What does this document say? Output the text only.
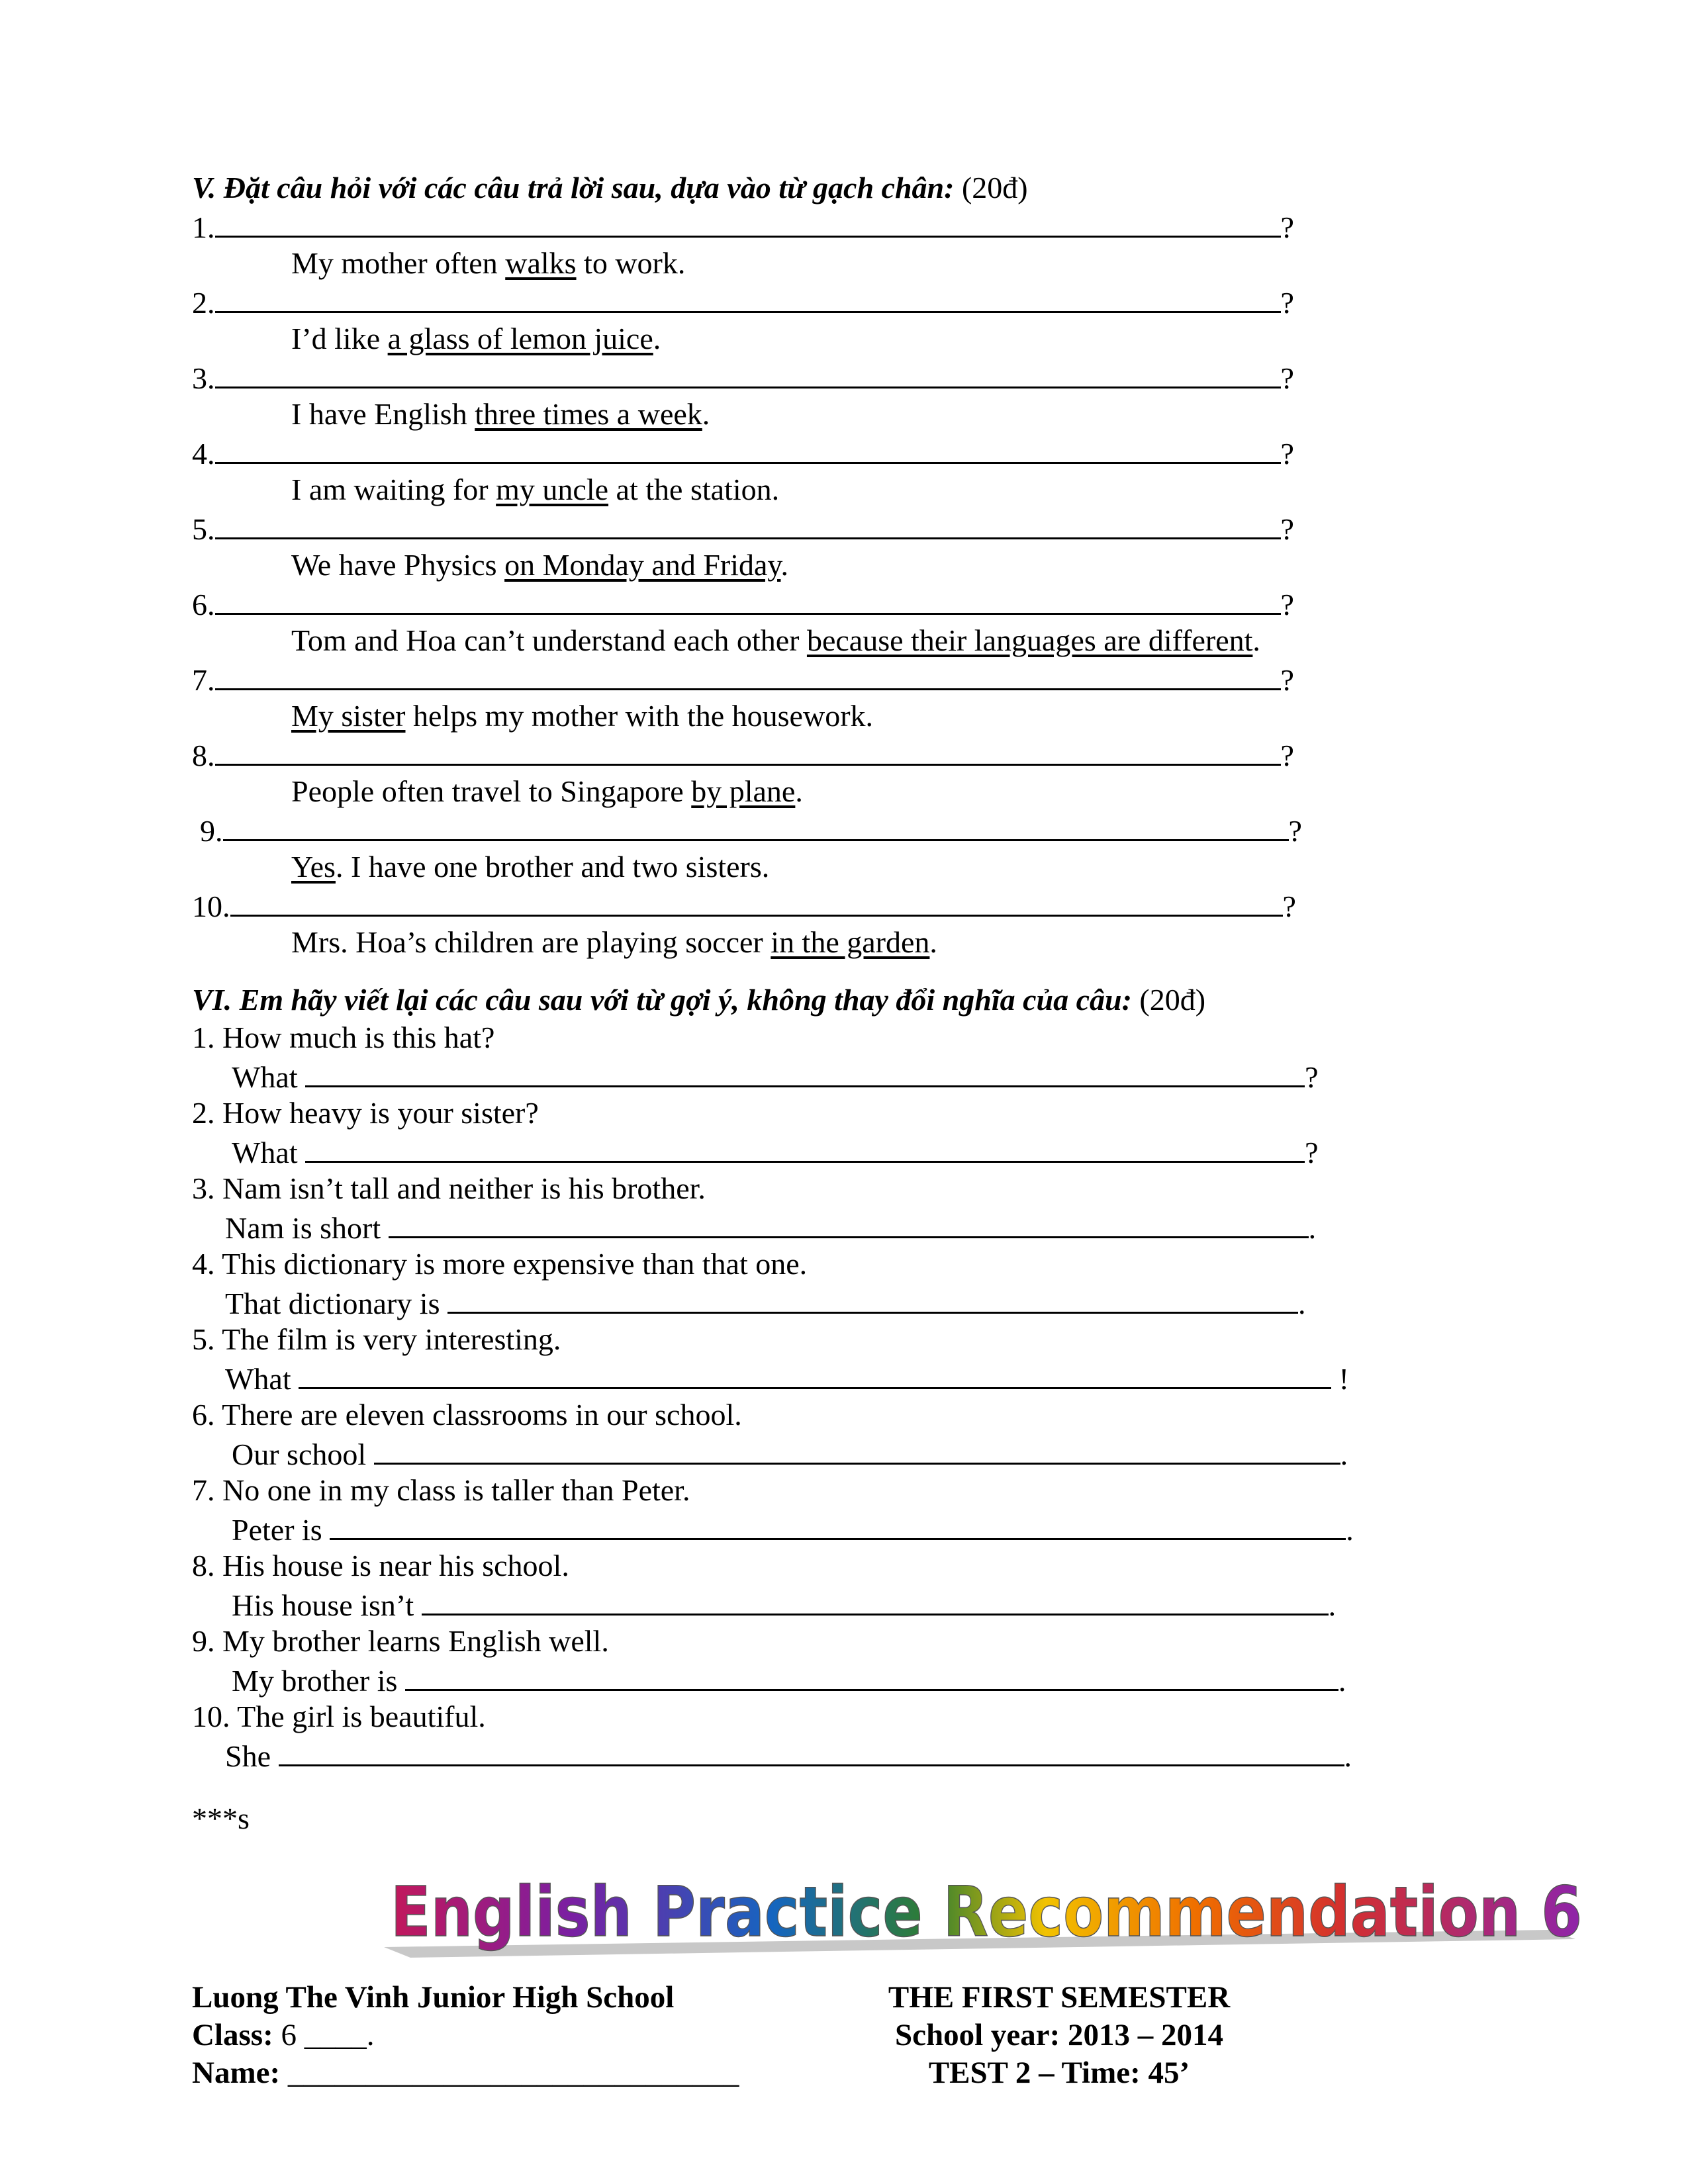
V. Đặt câu hỏi với các câu trả lời sau, dựa vào từ gạch chân: (20đ)
1.	?
My mother often walks to work.
2.	?
I’d like a glass of lemon juice.
3.	?
I have English three times a week.
4.	?
I am waiting for my uncle at the station.
5.	?
We have Physics on Monday and Friday.
6.	?
Tom and Hoa can’t understand each other because their languages are different.
7.	?
My sister helps my mother with the housework.
8.	?
People often travel to Singapore by plane.
9.	?
Yes. I have one brother and two sisters.
10.	?
Mrs. Hoa’s children are playing soccer in the garden.
VI. Em hãy viết lại các câu sau với từ gợi ý, không thay đổi nghĩa của câu: (20đ)
1. How much is this hat?
What	?
2. How heavy is your sister?
What	?
3. Nam isn’t tall and neither is his brother.
Nam is short	.
4. This dictionary is more expensive than that one.
That dictionary is	.
5. The film is very interesting.
What	!
6. There are eleven classrooms in our school.
Our school	.
7. No one in my class is taller than Peter.
Peter is	.
8. His house is near his school.
His house isn’t	.
9. My brother learns English well.
My brother is	.
10. The girl is beautiful.
She	.
***s
English Practice Recommendation 6
Luong The Vinh Junior High School
Class: 6 ____.
Name: _____________________________
THE FIRST SEMESTER
School year: 2013 – 2014
TEST 2 – Time: 45’
